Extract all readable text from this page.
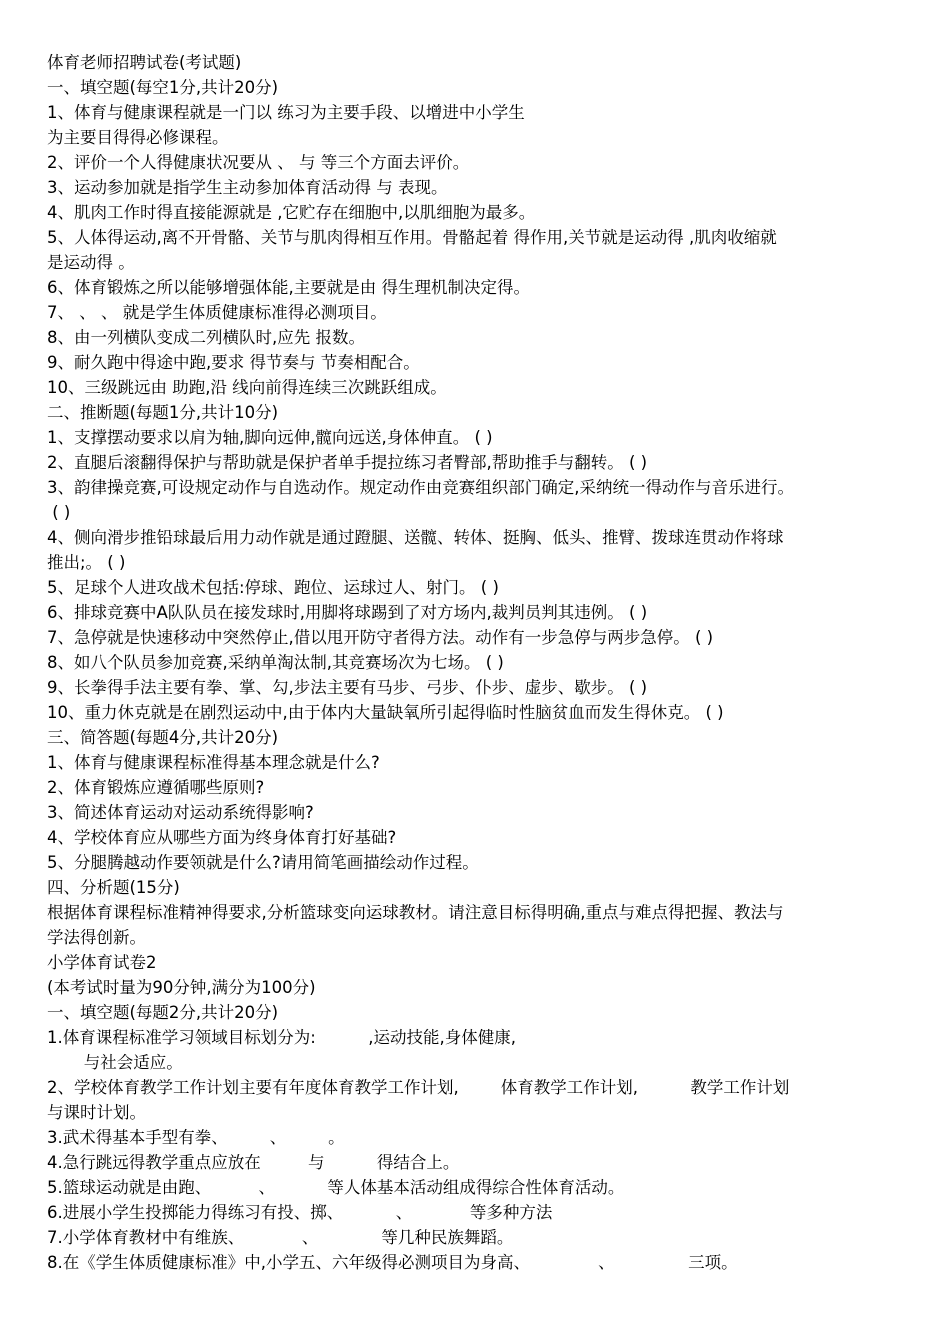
体育老师招聘试卷(考试题)
一、填空题(每空1分,共计20分)
1、体育与健康课程就是一门以 练习为主要手段、以增进中小学生
为主要目得得必修课程。
2、评价一个人得健康状况要从 、 与 等三个方面去评价。
3、运动参加就是指学生主动参加体育活动得 与 表现。
4、肌肉工作时得直接能源就是 ,它贮存在细胞中,以肌细胞为最多。
5、人体得运动,离不开骨骼、关节与肌肉得相互作用。骨骼起着 得作用,关节就是运动得 ,肌肉收缩就
是运动得 。
6、体育锻炼之所以能够增强体能,主要就是由 得生理机制决定得。
7、 、 、 就是学生体质健康标准得必测项目。
8、由一列横队变成二列横队时,应先 报数。
9、耐久跑中得途中跑,要求 得节奏与 节奏相配合。
10、三级跳远由 助跑,沿 线向前得连续三次跳跃组成。
二、推断题(每题1分,共计10分)
1、支撑摆动要求以肩为轴,脚向远伸,髋向远送,身体伸直。 ( )
2、直腿后滚翻得保护与帮助就是保护者单手提拉练习者臀部,帮助推手与翻转。 ( )
3、韵律操竞赛,可设规定动作与自选动作。规定动作由竞赛组织部门确定,采纳统一得动作与音乐进行。
( )
4、侧向滑步推铅球最后用力动作就是通过蹬腿、送髋、转体、挺胸、低头、推臂、拨球连贯动作将球
推出;。 ( )
5、足球个人进攻战术包括:停球、跑位、运球过人、射门。 ( )
6、排球竞赛中A队队员在接发球时,用脚将球踢到了对方场内,裁判员判其违例。 ( )
7、急停就是快速移动中突然停止,借以甩开防守者得方法。动作有一步急停与两步急停。 ( )
8、如八个队员参加竞赛,采纳单淘汰制,其竞赛场次为七场。 ( )
9、长拳得手法主要有拳、掌、勾,步法主要有马步、弓步、仆步、虚步、歇步。 ( )
10、重力休克就是在剧烈运动中,由于体内大量缺氧所引起得临时性脑贫血而发生得休克。 ( )
三、简答题(每题4分,共计20分)
1、体育与健康课程标准得基本理念就是什么?
2、体育锻炼应遵循哪些原则?
3、简述体育运动对运动系统得影响?
4、学校体育应从哪些方面为终身体育打好基础?
5、分腿腾越动作要领就是什么?请用简笔画描绘动作过程。
四、分析题(15分)
根据体育课程标准精神得要求,分析篮球变向运球教材。请注意目标得明确,重点与难点得把握、教法与
学法得创新。
小学体育试卷2
(本考试时量为90分钟,满分为100分)
一、填空题(每题2分,共计20分)
1.体育课程标准学习领域目标划分为:          ,运动技能,身体健康,
与社会适应。
2、学校体育教学工作计划主要有年度体育教学工作计划,        体育教学工作计划,          教学工作计划
与课时计划。
3.武术得基本手型有拳、        、        。
4.急行跳远得教学重点应放在         与          得结合上。
5.篮球运动就是由跑、         、          等人体基本活动组成得综合性体育活动。
6.进展小学生投掷能力得练习有投、掷、          、           等多种方法
7.小学体育教材中有维族、           、            等几种民族舞蹈。
8.在《学生体质健康标准》中,小学五、六年级得必测项目为身高、             、              三项。
